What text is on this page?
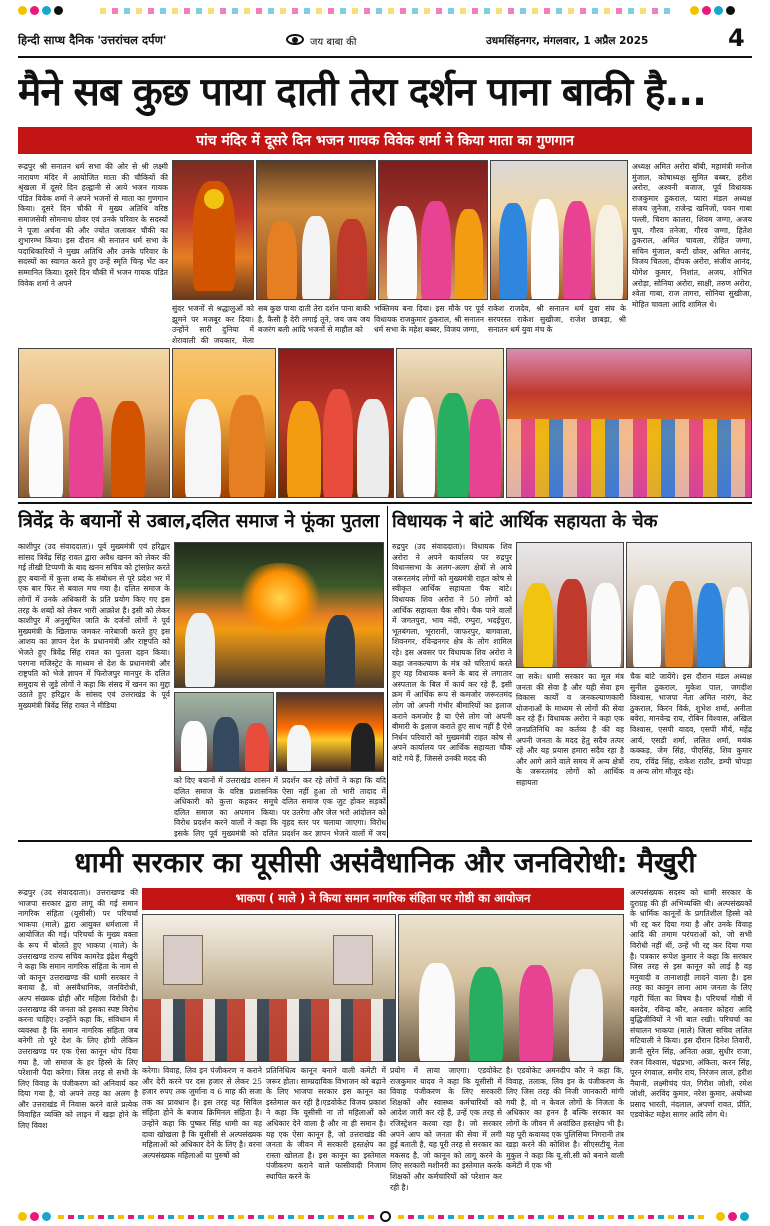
हिन्दी साप्ध दैनिक 'उत्तरांचल दर्पण'	जय बाबा की	उधमसिंहनगर, मंगलवार, 1 अप्रैल 2025	4
मैने सब कुछ पाया दाती तेरा दर्शन पाना बाकी है...
पांच मंदिर में दूसरे दिन भजन गायक विवेक शर्मा ने किया माता का गुणगान
रूद्रपुर श्री सनातन धर्म सभा की ओर से श्री लक्ष्मी नारायण मंदिर में आयोजित माता की चौकियों की श्रृंखला में दूसरे दिन हल्द्वानी से आये भजन गायक पंडित विवेक शर्मा ने अपने भजनों से माता का गुणगान किया। दूसरे दिन चौकी में मुख्य अतिथि वरिष्ठ समाजसेवी सोमनाथ ग्रोवर एवं उनके परिवार के सदस्यों ने पूजा अर्चना की और ज्योत जलाकर चौकी का शुभारम्भ किया। इस दौरान श्री सनातन धर्म सभा के पदाधिकारियों ने मुख्य अतिथि और उनके परिवार के सदस्यों का स्वागत करते हुए उन्हें स्मृति चिन्ह भेंट कर सम्मानित किया। दूसरे दिन चौकी में भजन गायक पंडित विवेक शर्मा ने अपने
सुंदर भजनों से श्रद्धालुओं को झूमने पर मजबूर कर दिया। उन्होंने सारी दुनिया में शेरावाली की जयकार, मेला
सब कुछ पाया दाती तेरा दर्शन पाना बाकी है, कैसी है देरी लगाई तूने, जय जय जय बजरंग बली आदि भजनों से माहौल को
भक्तिमय बना दिया। इस मौके पर पूर्व विधायक राजकुमार ठुकराल, श्री सनातन धर्म सभा के महेश बब्बर, विजय जग्गा,
राकेश राजदेव, श्री सनातन धर्म युवा संघ के सरपरस्त राकेश सुखीजा, राजेश छाबड़ा, श्री सनातन धर्म युवा मंच के
अध्यक्ष अमित अरोरा बॉबी, महामंत्री मनोज मुंजाल, कोषाध्यक्ष सुमित बब्बर, हरीश अरोरा, अश्वनी बजाज, पूर्व विधायक राजकुमार ठुकराल, प्यारा मंडल अध्यक्ष संजय जुनेजा, राजेन्द्र खनिजों, पवन गाबा पल्ली, चिराग कालरा, शिवम जग्गा, अजय चुघ, गौरव तनेजा, गौरव जग्गा, हितेश ठुकराल, अमित चावला, रोहित जग्गा, सचिन मुंजाल, बन्टी ग्रोवर, अमित आनंद, विजय चितला, दीपक अरोरा, संजीव आनंद, योगेश कुमार, निशांत, अजय, शोभित अरोड़ा, सोनिया अरोरा, साक्षी, तरुण अरोरा, श्वेता गाबा, राज तागरा, सोनिया सुखीजा, मोहित चावला आदि शामिल थे।
त्रिवेंद्र के बयानों से उबाल,दलित समाज ने फूंका पुतला
काशीपुर (उद संवाददाता)। पूर्व मुख्यमंत्री एवं हरिद्वार सांसद त्रिवेंद्र सिंह रावत द्वारा अवैध खनन को लेकर की गई तीखी टिप्पणी के बाद खनन सचिव को ट्रांसफ़ेर करते हुए बयानों में कुत्ता शब्द के संबोधन से पूरे प्रदेश भर में एक बार फिर से बवाल मच गया है। दलित समाज के लोगों में उनके अधिकारी के प्रति प्रयोग किए गए इस तरह के शब्दों को लेकर भारी आक्रोश है। इसी को लेकर काशीपुर में अनुसूचित जाति के दर्जनों लोगों ने पूर्व मुख्यमंत्री के खिलाफ जमकर नारेबाजी करते हुए इस आशय का ज्ञापन देश के प्रधानमंत्री और राष्ट्रपति को भेजते हुए त्रिवेंद्र सिंह रावत का पुतला दहन किया। परगना मजिस्ट्रेट के माध्यम से देश के प्रधानमंत्री और राष्ट्रपति को भेजे ज्ञापन में फिरोजपुर मानपुर के दलित समुदाय से जुड़े लोगों ने कहा कि संसद में खनन का मुद्दा उठाते हुए हरिद्वार के सांसद एवं उत्तराखंड के पूर्व मुख्यमंत्री त्रिवेंद्र सिंह रावत ने मीडिया
को दिए बयानों में उत्तराखंड शासन में दलित समाज के वरिष्ठ प्रशासनिक अधिकारी को कुत्ता कहकर समूचे दलित समाज का अपमान किया। विरोध प्रदर्शन करने वालों ने कहा कि इसके लिए पूर्व मुख्यमंत्री को दलित
प्रदर्शन कर रहे लोगों ने कहा कि यदि ऐसा नहीं हुआ तो भारी तादाद में दलित समाज एक जुट होकर सड़कों पर उतरेगा और जेल भरो आंदोलन को वृहद स्तर पर चलाया जाएगा। विरोध प्रदर्शन कर ज्ञापन भेजने वालों में जय
विधायक ने बांटे आर्थिक सहायता के चेक
रुद्रपुर (उद संवाददाता)। विधायक शिव अरोरा ने अपने कार्यालय पर रुद्रपुर विधानसभा के अलग-अलग क्षेत्रों से आये जरूरतमंद लोगों को मुख्यमंत्री राहत कोष से स्वीकृत आर्थिक सहायता चैक बांटे। विधायक शिव अरोरा ने 50 लोगों को आर्थिक सहायता चैक सौंपे। चैक पाने वालों में जगतपुरा, भाव नंदी, रम्पुरा, भदईपुरा, भूतबंगला, भूरारानी, जाफरपुर, बागवाला, शिवनगर, रविन्द्रनगर क्षेत्र के लोग शामिल रहे। इस अवसर पर विधायक शिव अरोरा ने कहा जनकल्याण के मंत्र को चरितार्थ करते हुए यह विधायक बनने के बाद से लगातार अस्पताल के बिल में कार्य कर रहे हैं, इसी क्रम में आर्थिक रूप से कमजोर जरूरतमंद लोग जो अपनी गंभीर बीमारियों का इलाज कराने कमजोर है या ऐसे लोग जो अपनी बीमारी के इलाज कराते हुए साथ नहीं है ऐसे निर्धन परिवारों को मुख्यमंत्री राहत कोष से अपने कार्यालय पर आर्थिक सहायता चौक बांटे गये हैं, जिससे उनकी मदद की
जा सके। धामी सरकार का मूल मंत्र जनता की सेवा है और यही सेवा हम विकास कार्यों व जनकल्याणकारी योजनाओं के माध्यम से लोगों की सेवा कर रहे हैं। विधायक अरोरा ने कहा एक जनप्रतिनिधि का कर्तव्य है की वह अपनी जनता के मदद हेतु सदैव तत्पर रहें और यह प्रयास हमारा सदैव रहा है और आगे आने वाले समय में अन्य क्षेत्रों के जरूरतमंद लोगों को आर्थिक सहायता
चैक बांटे जायेंगे। इस दौरान मंडल अध्यक्ष सुनील ठुकराल, मुकेश पाल, जगदीश विश्वास, भाजपा नेता अमित नारंग, केट ठुकराल, किरन विर्क, शुभेश शर्मा, अनीता बवेरा, मानवेन्द्र राय, रोबिन विश्वास, अखिल विश्वास, एसपी यादव, एसपी मौर्य, महेंद्र आर्य, एसडी शर्मा, ललित शर्मा, मयंक कक्कड़, जेम सिंह, पीएसिंह, शिव कुमार राय, रविंद्र सिंह, राकेश राठौर, डम्पी चोपड़ा व अन्य लोग मौजूद रहे।
धामी सरकार का यूसीसी असंवैधानिक और जनविरोधी: मैखुरी
रूद्रपुर (उद संवाददाता)। उत्तराखण्ड की भाजपा सरकार द्वारा लागू की गई समान नागरिक संहिता (यूसीसी) पर परिचर्चा भाकपा (माले) द्वारा आयुक्त धर्मशाला में आयोजित की गई। परिचर्चा के मुख्य वक्ता के रूप में बोलते हुए भाकपा (माले) के उत्तराखण्ड राज्य सचिव कामरेड इंद्रेश मैखुरी ने कहा कि समान नागरिक संहिता के नाम से जो कानून उत्तराखण्ड की धामी सरकार ने बनाया है, वो असंवैधानिक, जनविरोधी, अल्प संख्यक द्रोही और महिला विरोधी है। उत्तराखण्ड की जनता को इसका स्पष्ट विरोध करना चाहिए। उन्होंने कहा कि, संविधान में व्यवस्था है कि समान नागरिक संहिता जब बनेगी तो पूरे देश के लिए होगी लेकिन उत्तराखण्ड पर एक ऐसा कानून थोप दिया गया है, जो समाज के हर हिस्से के लिए परेशानी पैदा करेगा। जिस तरह से सभी के लिए विवाह के पंजीकरण को अनिवार्य कर दिया गया है, वो अपने तरह का अलग है और उत्तराखंड में निवास करने वाले प्रत्येक विवाहित व्यक्ति को लाइन में खड़ा होने के लिए विवश
भाकपा ( माले ) ने किया समान नागरिक संहिता पर गोष्ठी का आयोजन
करेगा। विवाह, लिव इन पंजीकरण न कराने और देरी करने पर दस हजार से लेकर 25 हजार रुपए तक जुर्माना व 6 माह की सजा तक का प्रावधान है। इस तरह यह सिविल संहिता होने के बजाय क्रिमिनल संहिता है। उन्होंने कहा कि पुष्कर सिंह धामी का यह दावा खोखला है कि यूसीसी से अल्पसंख्यक महिलाओं को अधिकार देने के लिए है। वरना अल्पसंख्यक महिलाओं या पुरुषों को
प्रतिनिधित्व कानून बनाने वाली कमेटी में जरूर होता। साम्प्रदायिक विभाजन को बढ़ाने के लिए भाजपा सरकार इस कानून का इस्तेमाल कर रही है।एडवोकेट विजय प्रकाश ने कहा कि यूसीसी ना तो महिलाओं को अधिकार देने वाला है और ना ही समान है। यह एक ऐसा कानून है, जो उत्तराखंड की जनता के जीवन में सरकारी हस्तक्षेप का रास्ता खोलता है। इस कानून का इस्तेमाल पंजीकरण कराने वाले फासीवादी निजाम स्थापित करने के
प्रयोग में लाया जाएगा। एडवोकेट राजकुमार यादव ने कहा कि यूसीसी में विवाह पंजीकरण के लिए सरकारी शिक्षकों और स्वास्थ्य कर्मचारियों को आदेश जारी कर रहे हैं, उन्हें एक तरह से रजिस्ट्रेशन करवा रहा है। जो सरकार अपने आप को जनता की सेवा में लगी हुई बताती है, यह पूरी तरह से सरकार का मकसद है, जो कानून को लागू करने के लिए सरकारी मशीनरी का इस्तेमाल करके शिक्षकों और कर्मचारियों को परेशान कर रही है।
है। एडवोकेट अमनदीप कौर ने कहा कि, विवाह, तलाक, लिव इन के पंजीकरण के लिए जिस तरह की निजी जानकारी मांगी गयी है, वो न केवल लोगों के निजता के अधिकार का हनन है बल्कि सरकार का लोगों के जीवन में अवांछित हस्तक्षेप भी है। यह पूरी कवायद एक पुलिसिया निगरानी तंत्र खड़ा करने की कोशिश है। सीएसटीयू नेता मुकुल ने कहा कि यू.सी.सी को बनाने वाली कमेटी में एक भी
अल्पसंख्यक सदस्य को धामी सरकार के दुराग्रह की ही अभिव्यक्ति थी। अल्पसंख्यकों के धार्मिक कानूनों के प्रगतिशील हिस्से को भी रद्द कर दिया गया है और उनके विवाह आदि की तमाम परंपराओं को, जो सभी विरोधी नहीं थीं, उन्हें भी रद्द कर दिया गया है। पत्रकार रूपेश कुमार ने कहा कि सरकार जिस तरह से इस कानून को लाई है वह मनुवादी व तानाशाही लादने वाला है। इस तरह का कानून लाना आम जनता के लिए गहरी चिंता का विषय है। परिचर्चा गोष्ठी में बलदेव, रविन्द्र कौर, अवतार कोहरा आदि बुद्धिजीवियों ने भी बात रखी। परिचर्चा का संचालन भाकपा (माले) जिला सचिव ललित मटियाली ने किया। इस दौरान दिनेश तिवारी, ज्ञानी सुरेन सिंह, अनिता अन्ना, सुधीर राजा, रंजन विश्वास, चंद्रप्रभा, अंकिता, करन सिंह, पूरन रंगवाल, समीर राय, निरंजन लाल, हरीश नैयानी, लक्ष्मीचंद पंत, गिरीश जोशी, रमेश जोशी, अरविंद कुमार, नरेश कुमार, अयोध्या प्रसाद भारती, नंदलाल, अपर्णा रावत, प्रीति, एडवोकेट महेश सागर आदि लोग थे।
